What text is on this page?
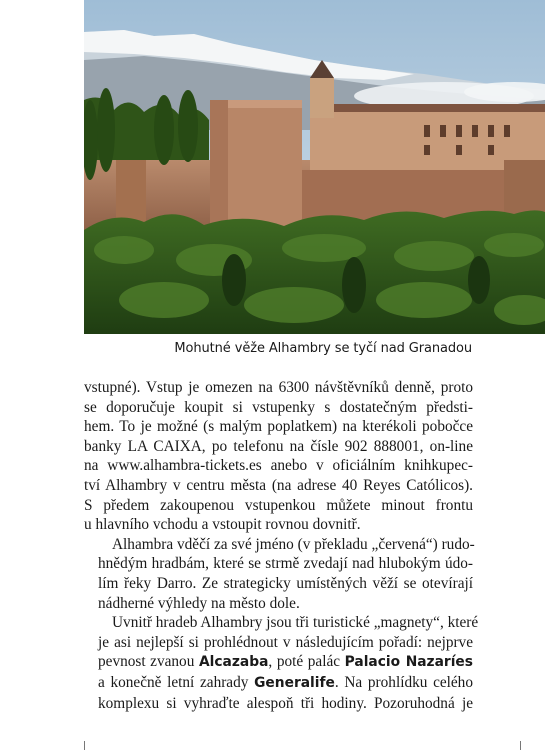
Mohutné věže Alhambry se tyčí nad Granadou

vstupné). Vstup je omezen na 6300 návštěvníků denně, proto
se doporučuje koupit si vstupenky s dostatečným předsti-
hem. To je možné (s malým poplatkem) na kterékoli pobočce
banky LA CAIXA, po telefonu na čísle 902 888001, on-line
na www.alhambra-tickets.es anebo v oficiálním knihkupec-
tví Alhambry v centru města (na adrese 40 Reyes Católicos).
S předem zakoupenou vstupenkou můžete minout frontu
u hlavního vchodu a vstoupit rovnou dovnitř.

Alhambra vděčí za své jméno (v překladu „červená“) rudo-
hnědým hradbám, které se strmě zvedají nad hlubokým údo-
lím řeky Darro. Ze strategicky umístěných věží se otevírají
nádherné výhledy na město dole.

Uvnitř hradeb Alhambry jsou tři turistické „magnety“, které
je asi nejlepší si prohlédnout v následujícím pořadí: nejprve
pevnost zvanou Alcazaba, poté palác Palacio Nazaríes
a konečně letní zahrady Generalife. Na prohlídku celého
komplexu si vyhraďte alespoň tři hodiny. Pozoruhodná je
